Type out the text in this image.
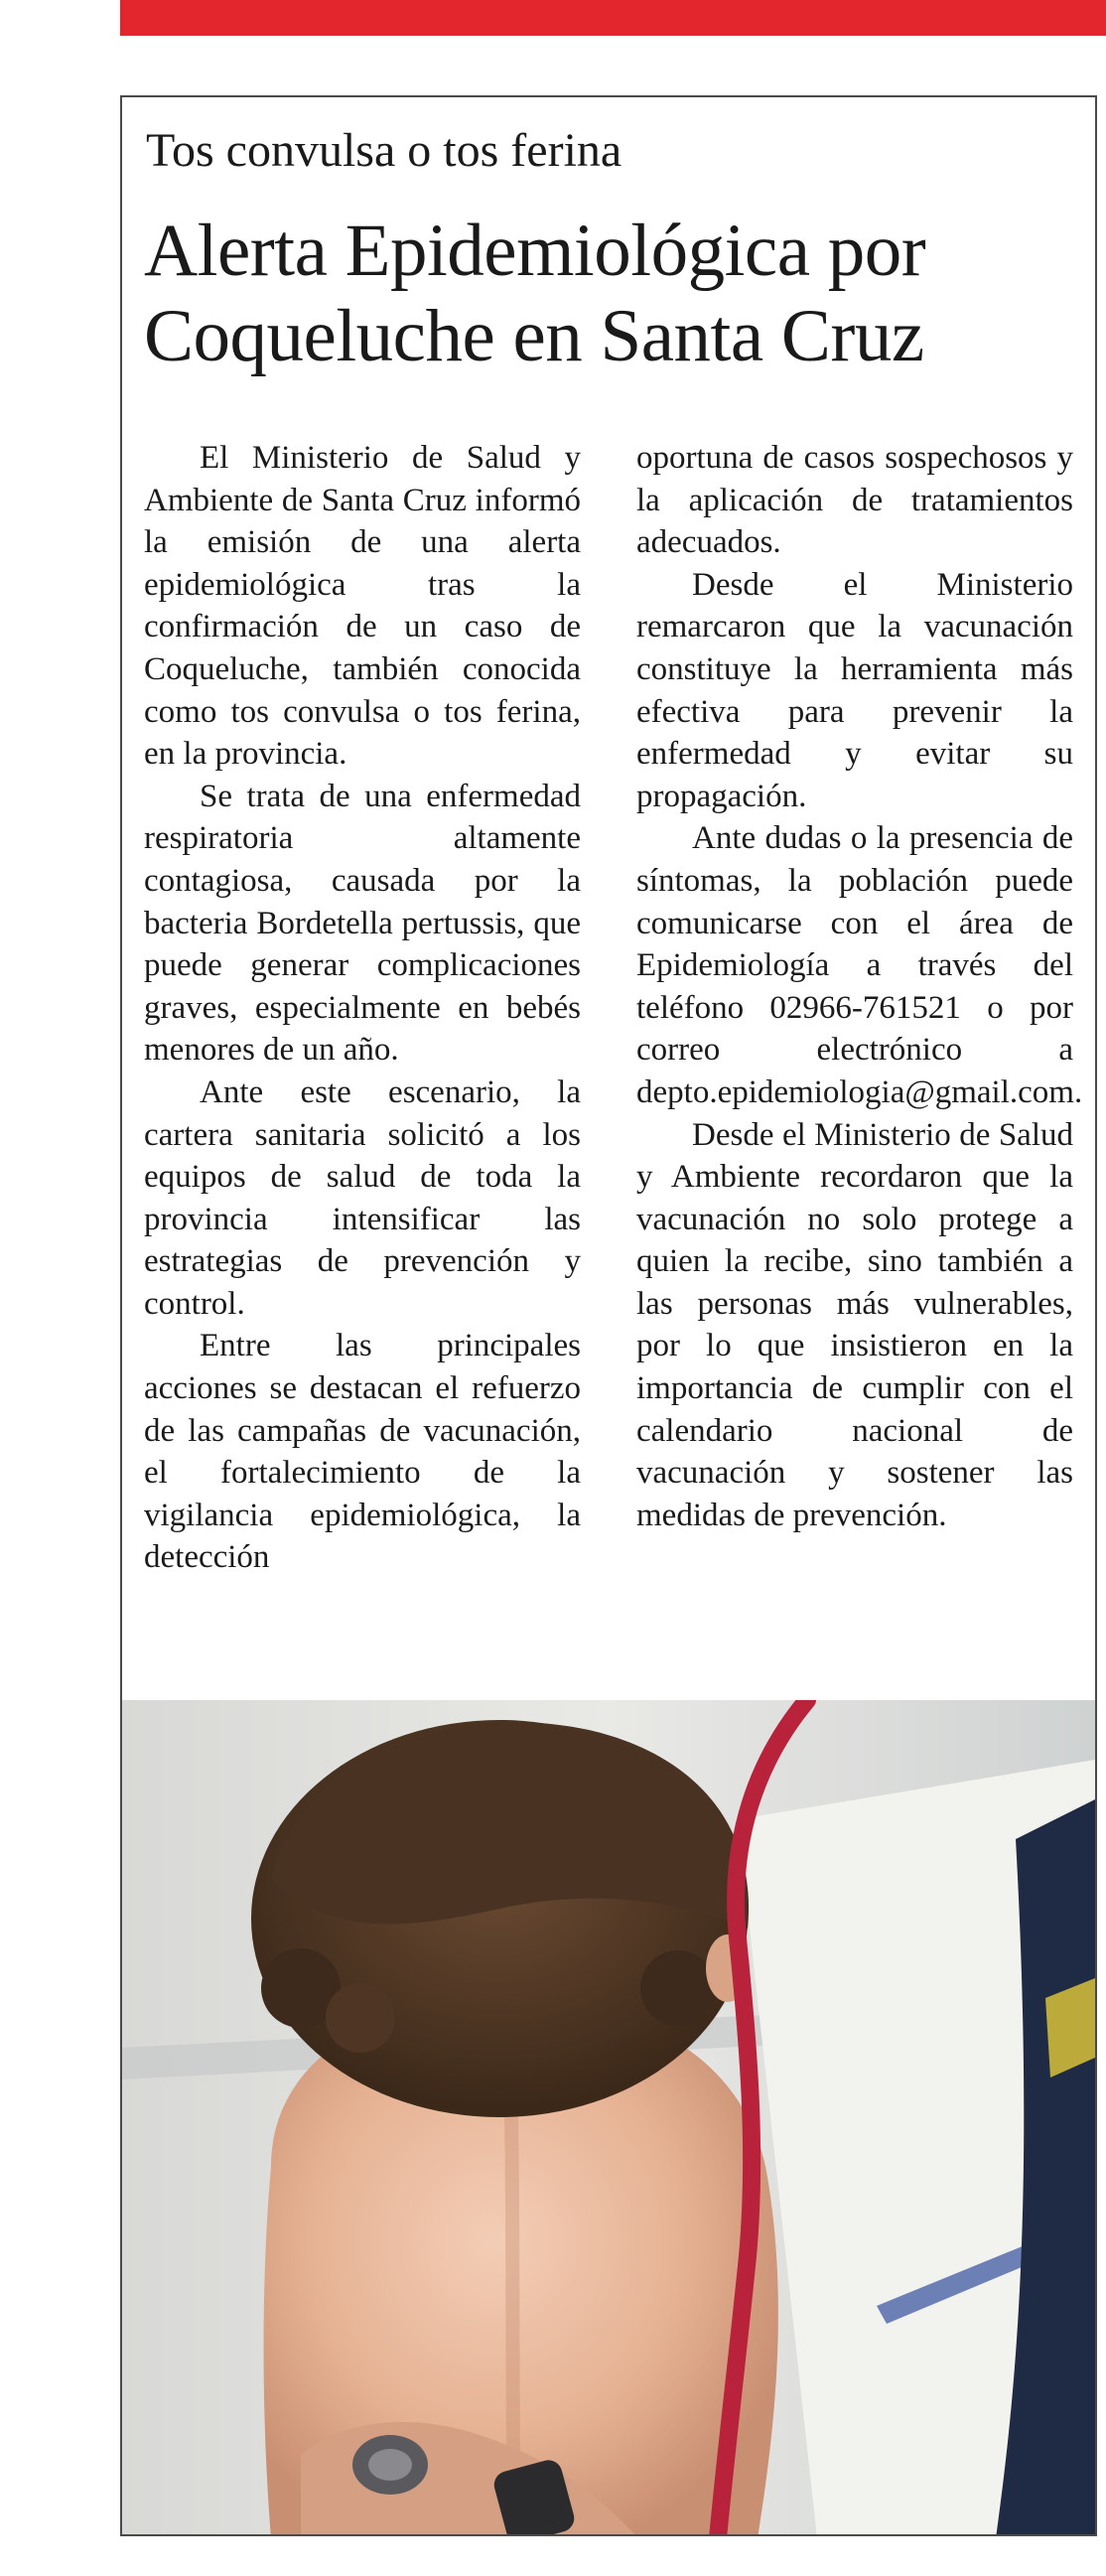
Tos convulsa o tos ferina
Alerta Epidemiológica por Coqueluche en Santa Cruz

El Ministerio de Salud y Ambiente de Santa Cruz informó la emisión de una alerta epidemiológica tras la confirmación de un caso de Coqueluche, también conocida como tos convulsa o tos ferina, en la provincia.

Se trata de una enfermedad respiratoria altamente contagiosa, causada por la bacteria Bordetella pertussis, que puede generar complicaciones graves, especialmente en bebés menores de un año.

Ante este escenario, la cartera sanitaria solicitó a los equipos de salud de toda la provincia intensificar las estrategias de prevención y control.

Entre las principales acciones se destacan el refuerzo de las campañas de vacunación, el fortalecimiento de la vigilancia epidemiológica, la detección

oportuna de casos sospechosos y la aplicación de tratamientos adecuados.

Desde el Ministerio remarcaron que la vacunación constituye la herramienta más efectiva para prevenir la enfermedad y evitar su propagación.

Ante dudas o la presencia de síntomas, la población puede comunicarse con el área de Epidemiología a través del teléfono 02966-761521 o por correo electrónico a depto.epidemiologia@gmail.com.

Desde el Ministerio de Salud y Ambiente recordaron que la vacunación no solo protege a quien la recibe, sino también a las personas más vulnerables, por lo que insistieron en la importancia de cumplir con el calendario nacional de vacunación y sostener las medidas de prevención.
